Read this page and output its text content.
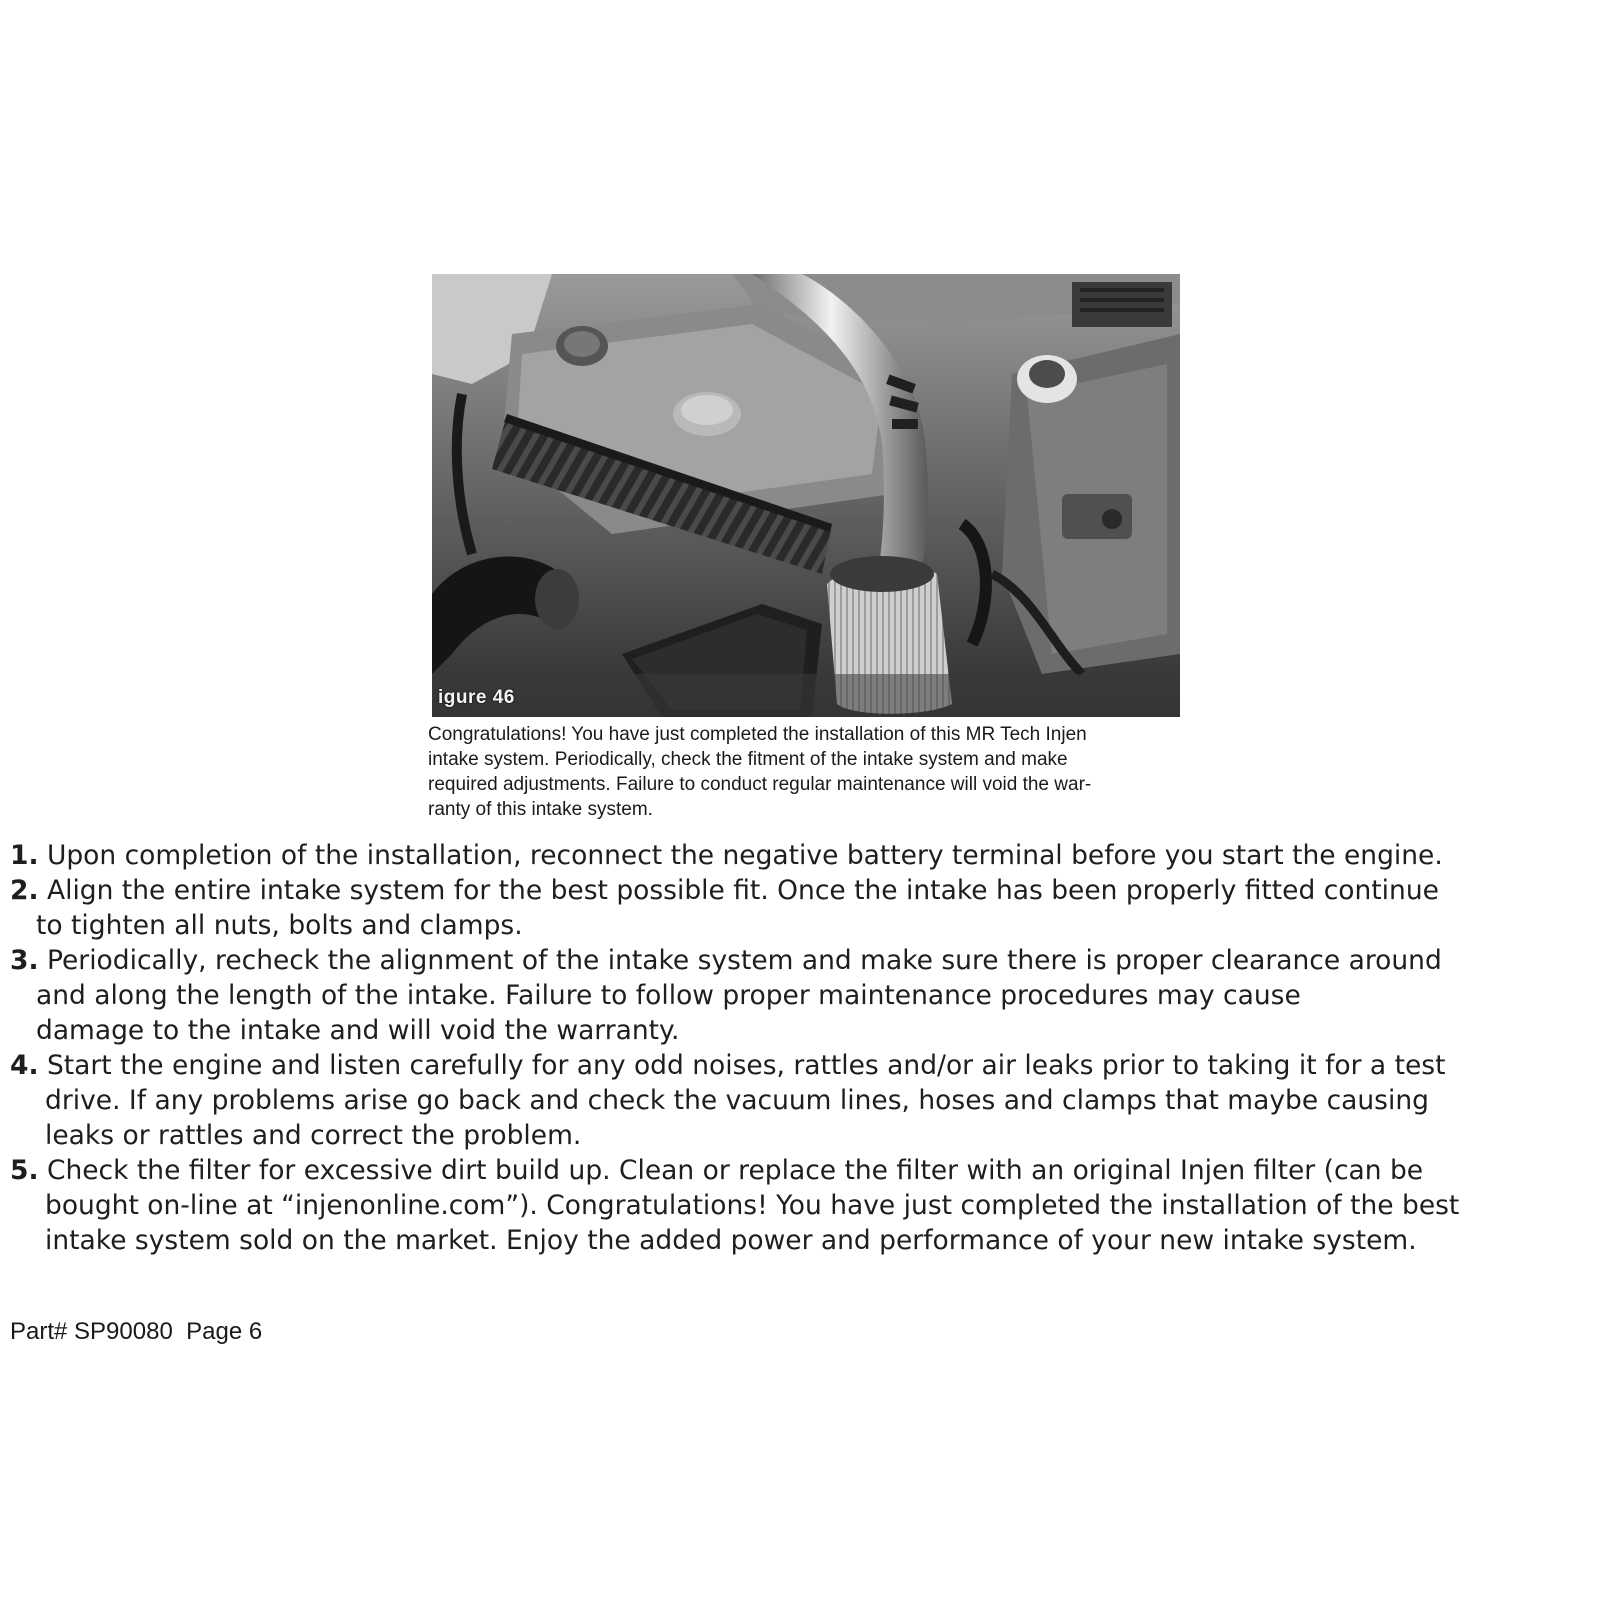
igure 46
Congratulations! You have just completed the installation of this MR Tech Injen
intake system. Periodically, check the fitment of the intake system and make
required adjustments. Failure to conduct regular maintenance will void the war-
ranty of this intake system.
1. Upon completion of the installation, reconnect the negative battery terminal before you start the engine.
2. Align the entire intake system for the best possible fit. Once the intake has been properly fitted continue
to tighten all nuts, bolts and clamps.
3. Periodically, recheck the alignment of the intake system and make sure there is proper clearance around
and along the length of the intake. Failure to follow proper maintenance procedures may cause
damage to the intake and will void the warranty.
4. Start the engine and listen carefully for any odd noises, rattles and/or air leaks prior to taking it for a test
drive. If any problems arise go back and check the vacuum lines, hoses and clamps that maybe causing
leaks or rattles and correct the problem.
5. Check the filter for excessive dirt build up. Clean or replace the filter with an original Injen filter (can be
bought on-line at “injenonline.com”). Congratulations! You have just completed the installation of the best
intake system sold on the market. Enjoy the added power and performance of your new intake system.
Part# SP90080  Page 6
